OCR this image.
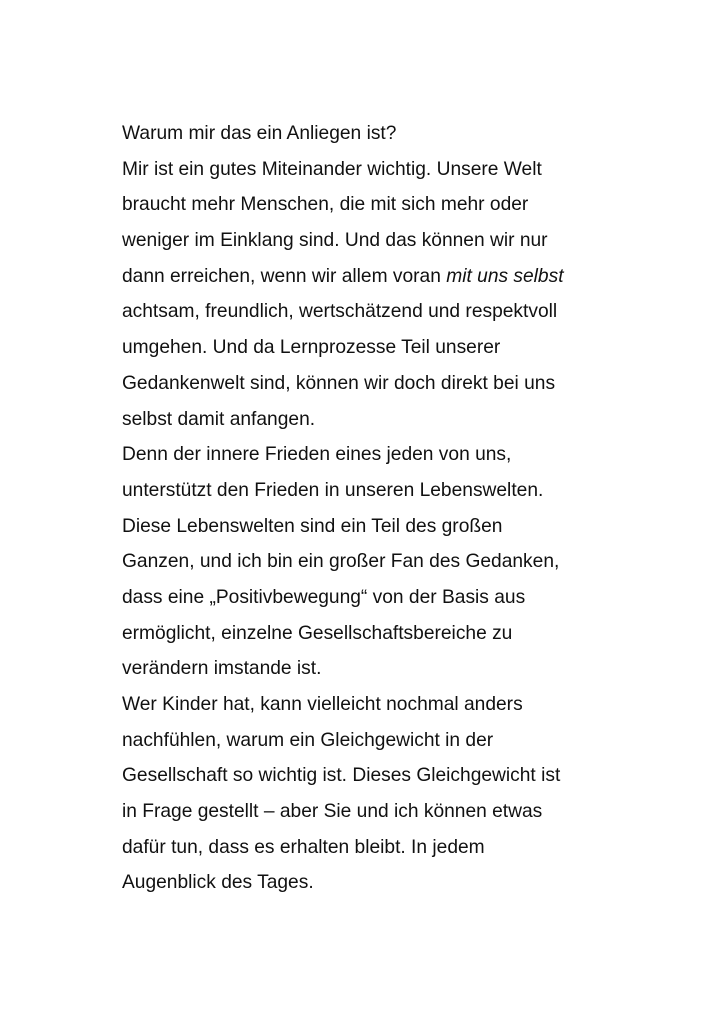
Warum mir das ein Anliegen ist?
Mir ist ein gutes Miteinander wichtig. Unsere Welt
braucht mehr Menschen, die mit sich mehr oder
weniger im Einklang sind. Und das können wir nur
dann erreichen, wenn wir allem voran mit uns selbst
achtsam, freundlich, wertschätzend und respektvoll
umgehen. Und da Lernprozesse Teil unserer
Gedankenwelt sind, können wir doch direkt bei uns
selbst damit anfangen.
Denn der innere Frieden eines jeden von uns,
unterstützt den Frieden in unseren Lebenswelten.
Diese Lebenswelten sind ein Teil des großen
Ganzen, und ich bin ein großer Fan des Gedanken,
dass eine „Positivbewegung“ von der Basis aus
ermöglicht, einzelne Gesellschaftsbereiche zu
verändern imstande ist.
Wer Kinder hat, kann vielleicht nochmal anders
nachfühlen, warum ein Gleichgewicht in der
Gesellschaft so wichtig ist. Dieses Gleichgewicht ist
in Frage gestellt – aber Sie und ich können etwas
dafür tun, dass es erhalten bleibt. In jedem
Augenblick des Tages.
